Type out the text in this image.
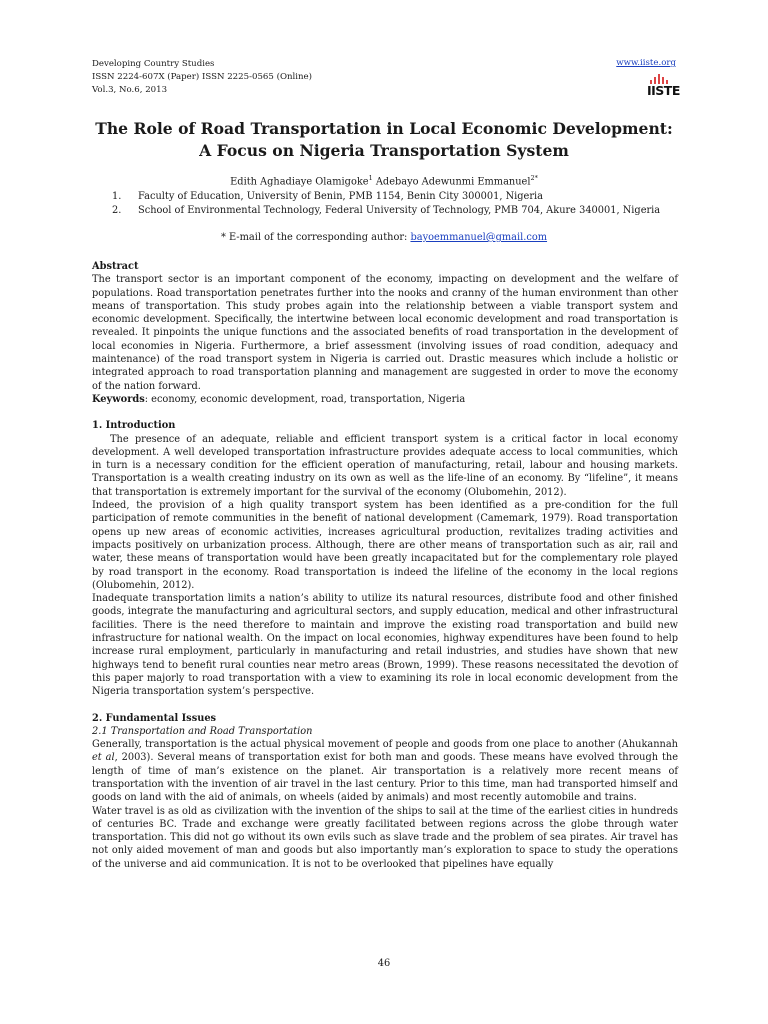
Developing Country Studies
ISSN 2224-607X (Paper) ISSN 2225-0565 (Online)
Vol.3, No.6, 2013
www.iiste.org
IISTE
The Role of Road Transportation in Local Economic Development:
A Focus on Nigeria Transportation System
Edith Aghadiaye Olamigoke$^1$ Adebayo Adewunmi Emmanuel$^{2*}$
1. Faculty of Education, University of Benin, PMB 1154, Benin City 300001, Nigeria
2. School of Environmental Technology, Federal University of Technology, PMB 704, Akure 340001, Nigeria
* E-mail of the corresponding author: bayoemmanuel@gmail.com

Abstract

The transport sector is an important component of the economy, impacting on development and the welfare of populations. Road transportation penetrates further into the nooks and cranny of the human environment than other means of transportation. This study probes again into the relationship between a viable transport system and economic development. Specifically, the intertwine between local economic development and road transportation is revealed. It pinpoints the unique functions and the associated benefits of road transportation in the development of local economies in Nigeria. Furthermore, a brief assessment (involving issues of road condition, adequacy and maintenance) of the road transport system in Nigeria is carried out. Drastic measures which include a holistic or integrated approach to road transportation planning and management are suggested in order to move the economy of the nation forward.

Keywords: economy, economic development, road, transportation, Nigeria

1. Introduction

The presence of an adequate, reliable and efficient transport system is a critical factor in local economy development. A well developed transportation infrastructure provides adequate access to local communities, which in turn is a necessary condition for the efficient operation of manufacturing, retail, labour and housing markets. Transportation is a wealth creating industry on its own as well as the life-line of an economy. By “lifeline”, it means that transportation is extremely important for the survival of the economy (Olubomehin, 2012).

Indeed, the provision of a high quality transport system has been identified as a pre-condition for the full participation of remote communities in the benefit of national development (Camemark, 1979). Road transportation opens up new areas of economic activities, increases agricultural production, revitalizes trading activities and impacts positively on urbanization process. Although, there are other means of transportation such as air, rail and water, these means of transportation would have been greatly incapacitated but for the complementary role played by road transport in the economy. Road transportation is indeed the lifeline of the economy in the local regions (Olubomehin, 2012).

Inadequate transportation limits a nation’s ability to utilize its natural resources, distribute food and other finished goods, integrate the manufacturing and agricultural sectors, and supply education, medical and other infrastructural facilities. There is the need therefore to maintain and improve the existing road transportation and build new infrastructure for national wealth. On the impact on local economies, highway expenditures have been found to help increase rural employment, particularly in manufacturing and retail industries, and studies have shown that new highways tend to benefit rural counties near metro areas (Brown, 1999). These reasons necessitated the devotion of this paper majorly to road transportation with a view to examining its role in local economic development from the Nigeria transportation system’s perspective.

2. Fundamental Issues

2.1 Transportation and Road Transportation

Generally, transportation is the actual physical movement of people and goods from one place to another (Ahukannah et al, 2003). Several means of transportation exist for both man and goods. These means have evolved through the length of time of man’s existence on the planet. Air transportation is a relatively more recent means of transportation with the invention of air travel in the last century. Prior to this time, man had transported himself and goods on land with the aid of animals, on wheels (aided by animals) and most recently automobile and trains.

Water travel is as old as civilization with the invention of the ships to sail at the time of the earliest cities in hundreds of centuries BC. Trade and exchange were greatly facilitated between regions across the globe through water transportation. This did not go without its own evils such as slave trade and the problem of sea pirates. Air travel has not only aided movement of man and goods but also importantly man’s exploration to space to study the operations of the universe and aid communication. It is not to be overlooked that pipelines have equally

46
